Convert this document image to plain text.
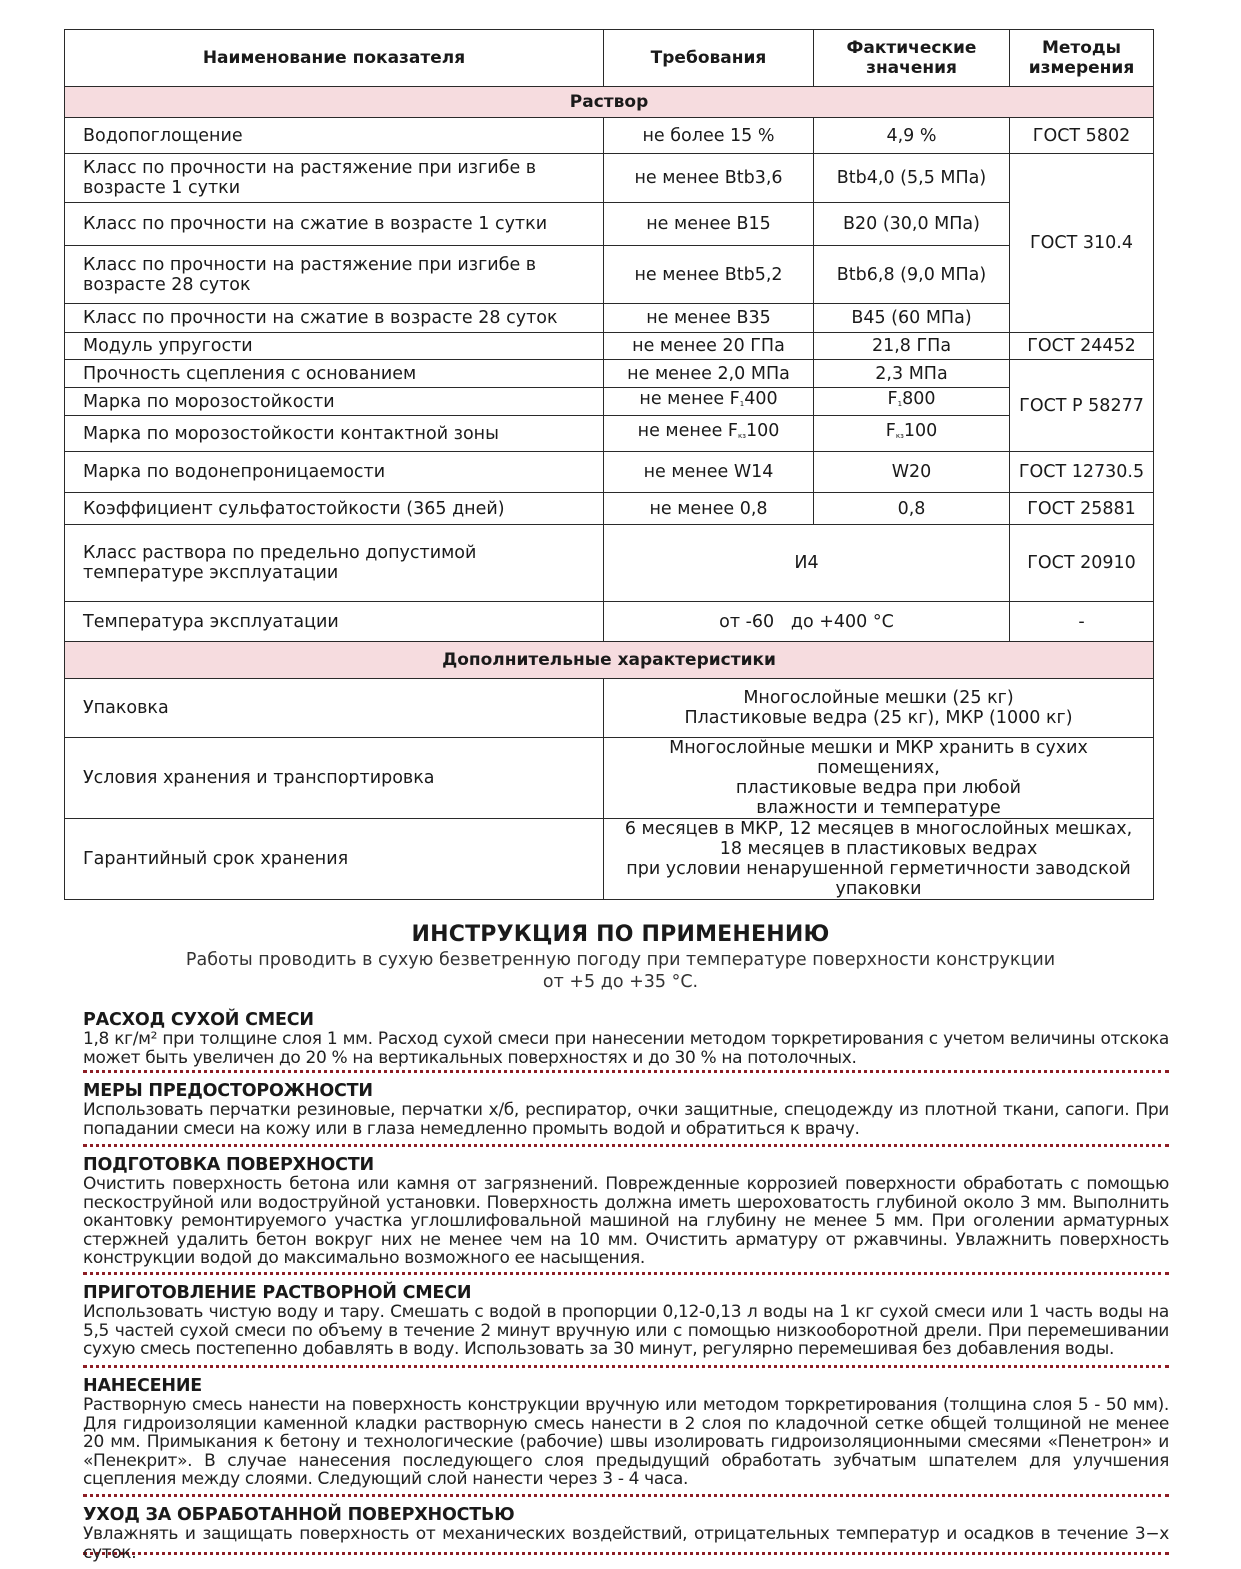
Наименование показателя	Требования	Фактические значения	Методы измерения
Раствор			
Водопоглощение	не более 15 %	4,9 %	ГОСТ 5802
Класс по прочности на растяжение при изгибе в возрасте 1 сутки	не менее Btb3,6	Btb4,0 (5,5 МПа)	ГОСТ 310.4
Класс по прочности на сжатие в возрасте 1 сутки	не менее B15	B20 (30,0 МПа)	
Класс по прочности на растяжение при изгибе в возрасте 28 суток	не менее Btb5,2	Btb6,8 (9,0 МПа)	
Класс по прочности на сжатие в возрасте 28 суток	не менее B35	B45 (60 МПа)	
Модуль упругости	не менее 20 ГПа	21,8 ГПа	ГОСТ 24452
Прочность сцепления с основанием	не менее 2,0 МПа	2,3 МПа	ГОСТ Р 58277
Марка по морозостойкости	не менее $F_1400$	$F_1800$	
Марка по морозостойкости контактной зоны	не менее $F_{кз}100$	$F_{кз}100$	
Марка по водонепроницаемости	не менее W14	W20	ГОСТ 12730.5
Коэффициент сульфатостойкости (365 дней)	не менее 0,8	0,8	ГОСТ 25881
Класс раствора по предельно допустимой температуре эксплуатации	И4		ГОСТ 20910
Температура эксплуатации	от -60   до +400 °С		-
Дополнительные характеристики			
Упаковка	Многослойные мешки (25 кг)
Пластиковые ведра (25 кг), МКР (1000 кг)		

Условия хранения и транспортировка	Многослойные мешки и МКР хранить в сухих помещениях,
пластиковые ведра при любой
влажности и температуре		

Гарантийный срок хранения	6 месяцев в МКР, 12 месяцев в многослойных мешках,
18 месяцев в пластиковых ведрах
при условии ненарушенной герметичности заводской упаковки		
ИНСТРУКЦИЯ ПО ПРИМЕНЕНИЮ

Работы проводить в сухую безветренную погоду при температуре поверхности конструкции

от +5 до +35 °С.

РАСХОД СУХОЙ СМЕСИ

1,8 кг/м² при толщине слоя 1 мм. Расход сухой смеси при нанесении методом торкретирования с учетом величины отскока может быть увеличен до 20 % на вертикальных поверхностях и до 30 % на потолочных.

МЕРЫ ПРЕДОСТОРОЖНОСТИ

Использовать перчатки резиновые, перчатки х/б, респиратор, очки защитные, спецодежду из плотной ткани, сапоги. При попадании смеси на кожу или в глаза немедленно промыть водой и обратиться к врачу.

ПОДГОТОВКА ПОВЕРХНОСТИ

Очистить поверхность бетона или камня от загрязнений. Поврежденные коррозией поверхности обработать с помощью пескоструйной или водоструйной установки. Поверхность должна иметь шероховатость глубиной около 3 мм. Выполнить окантовку ремонтируемого участка углошлифовальной машиной на глубину не менее 5 мм. При оголении арматурных стержней удалить бетон вокруг них не менее чем на 10 мм. Очистить арматуру от ржавчины. Увлажнить поверхность конструкции водой до максимально возможного ее насыщения.

ПРИГОТОВЛЕНИЕ РАСТВОРНОЙ СМЕСИ

Использовать чистую воду и тару. Смешать с водой в пропорции 0,12-0,13 л воды на 1 кг сухой смеси или 1 часть воды на 5,5 частей сухой смеси по объему в течение 2 минут вручную или с помощью низкооборотной дрели. При перемешивании сухую смесь постепенно добавлять в воду. Использовать за 30 минут, регулярно перемешивая без добавления воды.

НАНЕСЕНИЕ

Растворную смесь нанести на поверхность конструкции вручную или методом торкретирования (толщина слоя 5 - 50 мм). Для гидроизоляции каменной кладки растворную смесь нанести в 2 слоя по кладочной сетке общей толщиной не менее 20 мм. Примыкания к бетону и технологические (рабочие) швы изолировать гидроизоляционными смесями «Пенетрон» и «Пенекрит». В случае нанесения последующего слоя предыдущий обработать зубчатым шпателем для улучшения сцепления между слоями. Следующий слой нанести через 3 - 4 часа.

УХОД ЗА ОБРАБОТАННОЙ ПОВЕРХНОСТЬЮ

Увлажнять и защищать поверхность от механических воздействий, отрицательных температур и осадков в течение 3−х суток.
